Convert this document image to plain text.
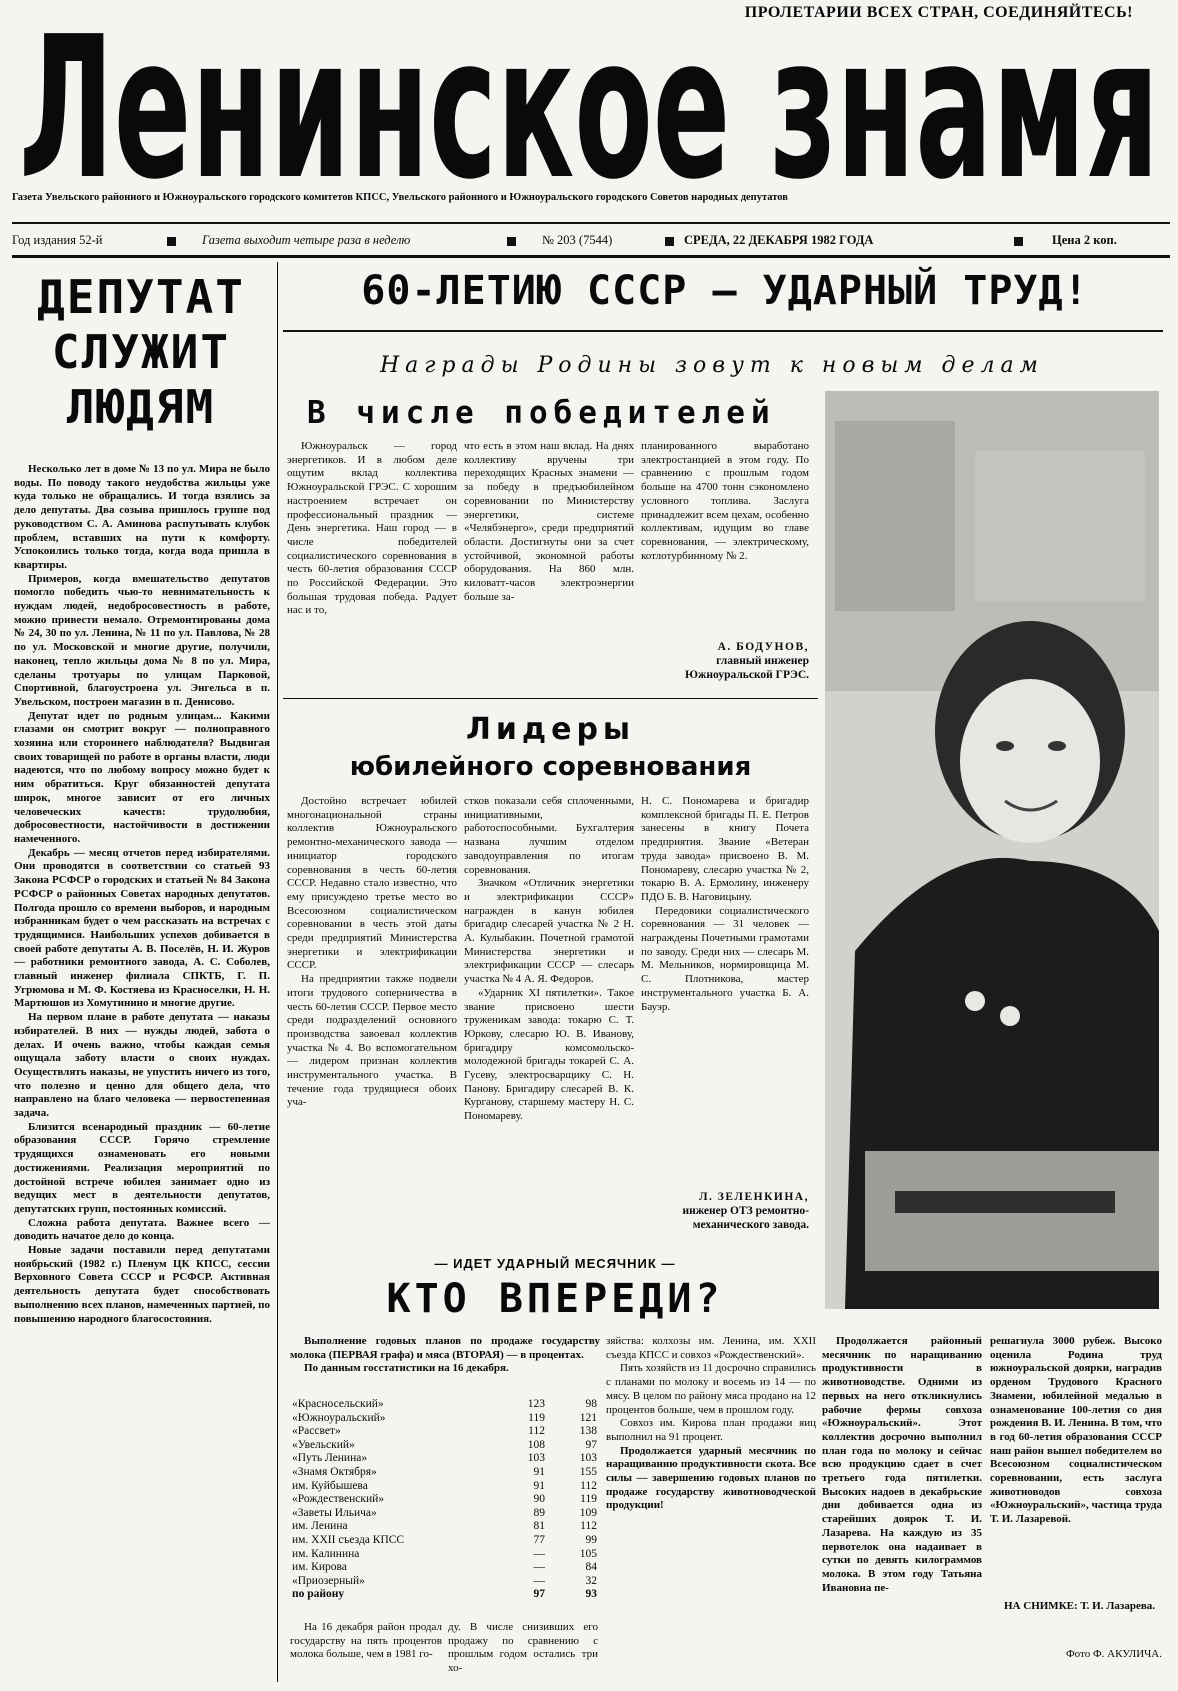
ПРОЛЕТАРИИ ВСЕХ СТРАН, СОЕДИНЯЙТЕСЬ!
Ленинское знамя
Газета Увельского районного и Южноуральского городского комитетов КПСС, Увельского районного и Южноуральского городского Советов народных депутатов
Год издания 52-й	Газета выходит четыре раза в неделю	№ 203 (7544)	СРЕДА, 22 ДЕКАБРЯ 1982 ГОДА	Цена 2 коп.
ДЕПУТАТ
СЛУЖИТ
ЛЮДЯМ

Несколько лет в доме № 13 по ул. Мира не было воды. По поводу такого неудобства жильцы уже куда только не обращались. И тогда взялись за дело депутаты. Два созыва пришлось группе под руководством С. А. Аминова распутывать клубок проблем, вставших на пути к комфорту. Успокоились только тогда, когда вода пришла в квартиры.

Примеров, когда вмешательство депутатов помогло победить чью-то невнимательность к нуждам людей, недобросовестность в работе, можно привести немало. Отремонтированы дома № 24, 30 по ул. Ленина, № 11 по ул. Павлова, № 28 по ул. Московской и многие другие, получили, наконец, тепло жильцы дома № 8 по ул. Мира, сделаны тротуары по улицам Парковой, Спортивной, благоустроена ул. Энгельса в п. Увельском, построен магазин в п. Денисово.

Депутат идет по родным улицам... Какими глазами он смотрит вокруг — полноправного хозяина или стороннего наблюдателя? Выдвигая своих товарищей по работе в органы власти, люди надеются, что по любому вопросу можно будет к ним обратиться. Круг обязанностей депутата широк, многое зависит от его личных человеческих качеств: трудолюбия, добросовестности, настойчивости в достижении намеченного.

Декабрь — месяц отчетов перед избирателями. Они проводятся в соответствии со статьей 93 Закона РСФСР о городских и статьей № 84 Закона РСФСР о районных Советах народных депутатов. Полгода прошло со времени выборов, и народным избранникам будет о чем рассказать на встречах с трудящимися. Наибольших успехов добивается в своей работе депутаты А. В. Поселёв, Н. И. Журов — работники ремонтного завода, А. С. Соболев, главный инженер филиала СПКТБ, Г. П. Угрюмова и М. Ф. Костяева из Красноселки, Н. Н. Мартюшов из Хомутинино и многие другие.

На первом плане в работе депутата — наказы избирателей. В них — нужды людей, забота о делах. И очень важно, чтобы каждая семья ощущала заботу власти о своих нуждах. Осуществлять наказы, не упустить ничего из того, что полезно и ценно для общего дела, что направлено на благо человека — первостепенная задача.

Близится всенародный праздник — 60-летие образования СССР. Горячо стремление трудящихся ознаменовать его новыми достижениями. Реализация мероприятий по достойной встрече юбилея занимает одно из ведущих мест в деятельности депутатов, депутатских групп, постоянных комиссий.

Сложна работа депутата. Важнее всего — доводить начатое дело до конца.

Новые задачи поставили перед депутатами ноябрьский (1982 г.) Пленум ЦК КПСС, сессии Верховного Совета СССР и РСФСР. Активная деятельность депутата будет способствовать выполнению всех планов, намеченных партией, по повышению народного благосостояния.

60-ЛЕТИЮ СССР — УДАРНЫЙ ТРУД!
Награды Родины зовут к новым делам
В числе победителей

Южноуральск — город энергетиков. И в любом деле ощутим вклад коллектива Южноуральской ГРЭС. С хорошим настроением встречает он профессиональный праздник — День энергетика. Наш город — в числе победителей социалистического соревнования в честь 60-летия образования СССР по Российской Федерации. Это большая трудовая победа. Радует нас и то,

что есть в этом наш вклад. На днях коллективу вручены три переходящих Красных знамени — за победу в предъюбилейном соревновании по Министерству энергетики, системе «Челябэнерго», среди предприятий области. Достигнуты они за счет устойчивой, экономной работы оборудования. На 860 млн. киловатт-часов электроэнергии больше за-

планированного выработано электростанцией в этом году. По сравнению с прошлым годом больше на 4700 тонн сэкономлено условного топлива. Заслуга принадлежит всем цехам, особенно коллективам, идущим во главе соревнования, — электрическому, котлотурбинному № 2.

А. БОДУНОВ,
главный инженер Южноуральской ГРЭС.
Лидеры
юбилейного соревнования

Достойно встречает юбилей многонациональной страны коллектив Южноуральского ремонтно-механического завода — инициатор городского соревнования в честь 60-летия СССР. Недавно стало известно, что ему присуждено третье место во Всесоюзном социалистическом соревновании в честь этой даты среди предприятий Министерства энергетики и электрификации СССР.

На предприятии также подвели итоги трудового соперничества в честь 60-летия СССР. Первое место среди подразделений основного производства завоевал коллектив участка № 4. Во вспомогательном — лидером признан коллектив инструментального участка. В течение года трудящиеся обоих уча-

стков показали себя сплоченными, инициативными, работоспособными. Бухгалтерия названа лучшим отделом заводоуправления по итогам соревнования.

Значком «Отличник энергетики и электрификации СССР» награжден в канун юбилея бригадир слесарей участка № 2 Н. А. Кулыбакин. Почетной грамотой Министерства энергетики и электрификации СССР — слесарь участка № 4 А. Я. Федоров.

«Ударник XI пятилетки». Такое звание присвоено шести труженикам завода: токарю С. Т. Юркову, слесарю Ю. В. Иванову, бригадиру комсомольско-молодежной бригады токарей С. А. Гусеву, электросварщику С. Н. Панову. Бригадиру слесарей В. К. Курганову, старшему мастеру Н. С. Пономареву.

Н. С. Пономарева и бригадир комплексной бригады П. Е. Петров занесены в книгу Почета предприятия. Звание «Ветеран труда завода» присвоено В. М. Пономареву, слесарю участка № 2, токарю В. А. Ермолину, инженеру ПДО Б. В. Наговицыну.

Передовики социалистического соревнования — 31 человек — награждены Почетными грамотами по заводу. Среди них — слесарь М. М. Мельников, нормировщица М. С. Плотникова, мастер инструментального участка Б. А. Бауэр.

Л. ЗЕЛЕНКИНА,
инженер ОТЗ ремонтно-механического завода.
— ИДЕТ УДАРНЫЙ МЕСЯЧНИК —
КТО ВПЕРЕДИ?

Выполнение годовых планов по продаже государству молока (ПЕРВАЯ графа) и мяса (ВТОРАЯ) — в процентах.

По данным госстатистики на 16 декабря.

«Красносельский»	123	98
«Южноуральский»	119	121
«Рассвет»	112	138
«Увельский»	108	97
«Путь Ленина»	103	103
«Знамя Октября»	91	155
им. Куйбышева	91	112
«Рождественский»	90	119
«Заветы Ильича»	89	109
им. Ленина	81	112
им. XXII съезда КПСС	77	99
им. Калинина	—	105
им. Кирова	—	84
«Приозерный»	—	32
по району	97	93

На 16 декабря район продал государству на пять процентов молока больше, чем в 1981 го-

ду. В числе снизивших его продажу по сравнению с прошлым годом остались три хо-

зяйства: колхозы им. Ленина, им. XXII съезда КПСС и совхоз «Рождественский».

Пять хозяйств из 11 досрочно справились с планами по молоку и восемь из 14 — по мясу. В целом по району мяса продано на 12 процентов больше, чем в прошлом году.

Совхоз им. Кирова план продажи яиц выполнил на 91 процент.

Продолжается ударный месячник по наращиванию продуктивности скота. Все силы — завершению годовых планов по продаже государству животноводческой продукции!

Продолжается районный месячник по наращиванию продуктивности в животноводстве. Одними из первых на него откликнулись рабочие фермы совхоза «Южноуральский». Этот коллектив досрочно выполнил план года по молоку и сейчас всю продукцию сдает в счет третьего года пятилетки. Высоких надоев в декабрьские дни добивается одна из старейших доярок Т. И. Лазарева. На каждую из 35 первотелок она надаивает в сутки по девять килограммов молока. В этом году Татьяна Ивановна пе-

решагнула 3000 рубеж. Высоко оценила Родина труд южноуральской доярки, наградив орденом Трудового Красного Знамени, юбилейной медалью в ознаменование 100-летия со дня рождения В. И. Ленина. В том, что в год 60-летия образования СССР наш район вышел победителем во Всесоюзном социалистическом соревновании, есть заслуга животноводов совхоза «Южноуральский», частица труда Т. И. Лазаревой.

НА СНИМКЕ: Т. И. Лазарева.

Фото Ф. АКУЛИЧА.
